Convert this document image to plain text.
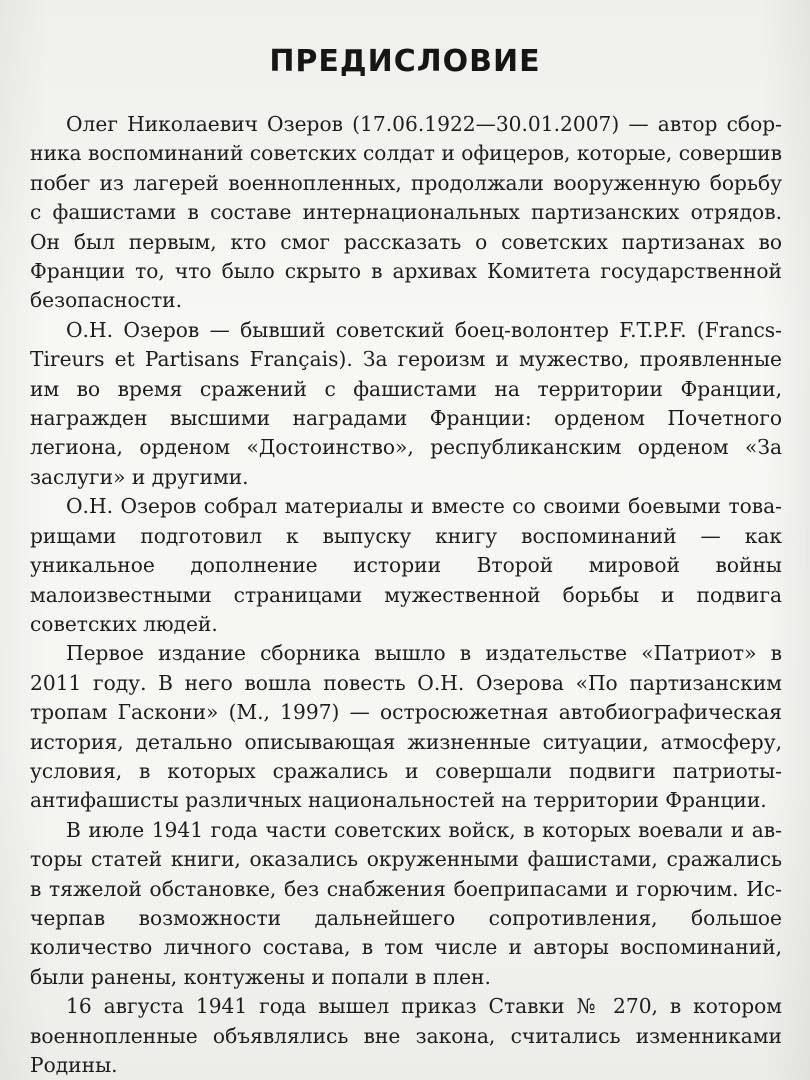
ПРЕДИСЛОВИЕ

Олег Николаевич Озеров (17.06.1922—30.01.2007) — автор сборника воспоминаний советских солдат и офицеров, которые, совершив побег из лагерей военнопленных, продолжали вооруженную борьбу с фашистами в составе интернациональных партизанских отрядов. Он был первым, кто смог рассказать о советских партизанах во Франции то, что было скрыто в архивах Комитета государственной безопасности.

О.Н. Озеров — бывший советский боец-волонтер F.T.P.F. (Francs-Tireurs et Partisans Français). За героизм и мужество, проявленные им во время сражений с фашистами на территории Франции, награжден высшими наградами Франции: орденом Почетного легиона, орденом «Достоинство», республиканским орденом «За заслуги» и другими.

О.Н. Озеров собрал материалы и вместе со своими боевыми товарищами подготовил к выпуску книгу воспоминаний — как уникальное дополнение истории Второй мировой войны малоизвестными страницами мужественной борьбы и подвига советских людей.

Первое издание сборника вышло в издательстве «Патриот» в 2011 году. В него вошла повесть О.Н. Озерова «По партизанским тропам Гаскони» (М., 1997) — остросюжетная автобиографическая история, детально описывающая жизненные ситуации, атмосферу, условия, в которых сражались и совершали подвиги патриоты-антифашисты различных национальностей на территории Франции.

В июле 1941 года части советских войск, в которых воевали и авторы статей книги, оказались окруженными фашистами, сражались в тяжелой обстановке, без снабжения боеприпасами и горючим. Исчерпав возможности дальнейшего сопротивления, большое количество личного состава, в том числе и авторы воспоминаний, были ранены, контужены и попали в плен.

16 августа 1941 года вышел приказ Ставки № 270, в котором военнопленные объявлялись вне закона, считались изменниками Родины.
